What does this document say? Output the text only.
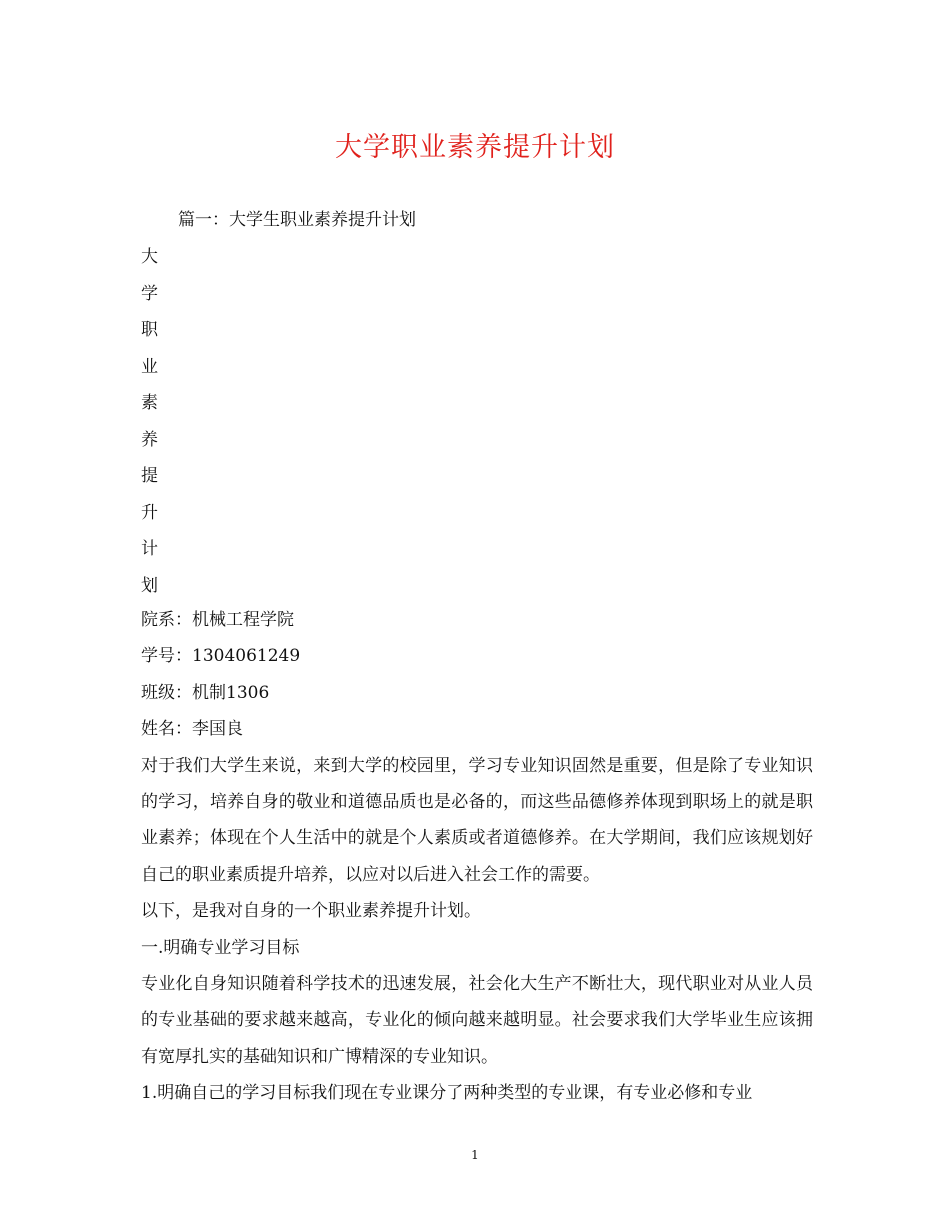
大学职业素养提升计划

篇一：大学生职业素养提升计划

大
学
职
业
素
养
提
升
计
划

院系：机械工程学院

学号：1304061249

班级：机制1306

姓名：李国良

对于我们大学生来说，来到大学的校园里，学习专业知识固然是重要，但是除了专业知识的学习，培养自身的敬业和道德品质也是必备的，而这些品德修养体现到职场上的就是职业素养；体现在个人生活中的就是个人素质或者道德修养。在大学期间，我们应该规划好自己的职业素质提升培养，以应对以后进入社会工作的需要。

以下，是我对自身的一个职业素养提升计划。

一.明确专业学习目标

专业化自身知识随着科学技术的迅速发展，社会化大生产不断壮大，现代职业对从业人员的专业基础的要求越来越高，专业化的倾向越来越明显。社会要求我们大学毕业生应该拥有宽厚扎实的基础知识和广博精深的专业知识。

1.明确自己的学习目标我们现在专业课分了两种类型的专业课，有专业必修和专业

1
